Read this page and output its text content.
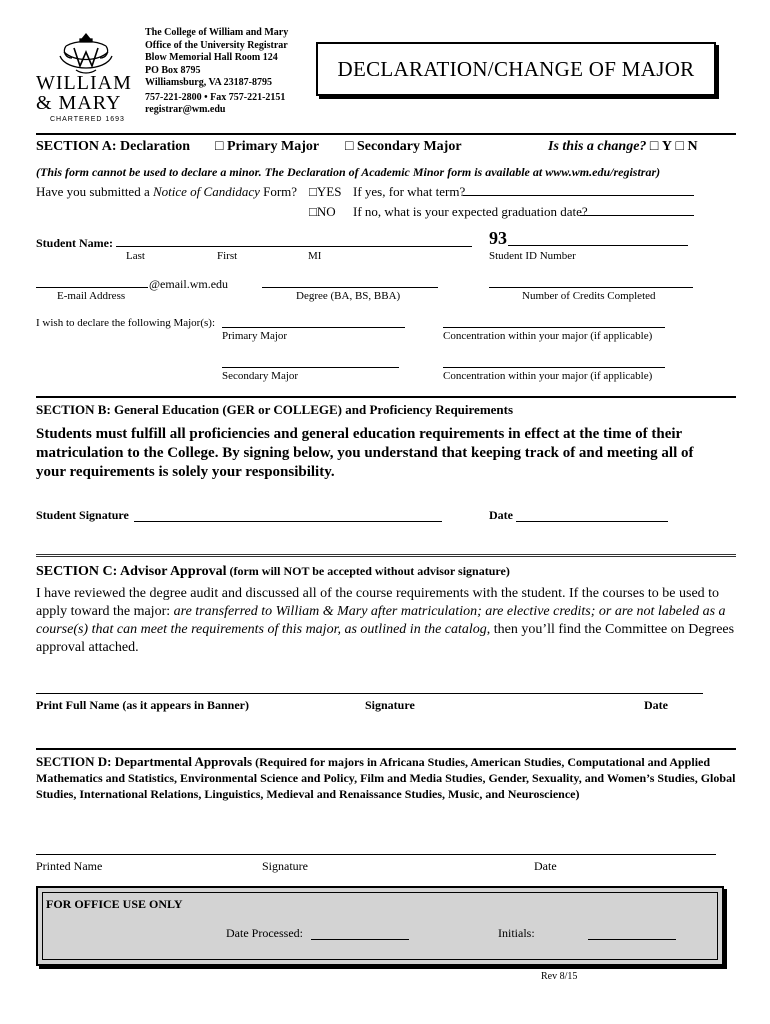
WILLIAM
& MARY
CHARTERED 1693
The College of William and Mary
Office of the University Registrar
Blow Memorial Hall Room 124
PO Box 8795
Williamsburg, VA 23187-8795
757-221-2800 • Fax 757-221-2151
registrar@wm.edu
DECLARATION/CHANGE OF MAJOR
SECTION A: Declaration □ Primary Major □ Secondary Major	Is this a change? □ Y □ N
(This form cannot be used to declare a minor. The Declaration of Academic Minor form is available at www.wm.edu/registrar)
Have you submitted a Notice of Candidacy Form? □YES If yes, for what term?
□NO If no, what is your expected graduation date?
Student Name:
Last	First	MI
93
Student ID Number
@email.wm.edu
E-mail Address	Degree (BA, BS, BBA)	Number of Credits Completed
I wish to declare the following Major(s):
Primary Major	Concentration within your major (if applicable)
Secondary Major	Concentration within your major (if applicable)
SECTION B: General Education (GER or COLLEGE) and Proficiency Requirements
Students must fulfill all proficiencies and general education requirements in effect at the time of their matriculation to the College. By signing below, you understand that keeping track of and meeting all of your requirements is solely your responsibility.
Student Signature	Date
SECTION C: Advisor Approval (form will NOT be accepted without advisor signature)
I have reviewed the degree audit and discussed all of the course requirements with the student. If the courses to be used to apply toward the major: are transferred to William & Mary after matriculation; are elective credits; or are not labeled as a course(s) that can meet the requirements of this major, as outlined in the catalog, then you’ll find the Committee on Degrees approval attached.
Print Full Name (as it appears in Banner)	Signature	Date
SECTION D: Departmental Approvals (Required for majors in Africana Studies, American Studies, Computational and Applied Mathematics and Statistics, Environmental Science and Policy, Film and Media Studies, Gender, Sexuality, and Women’s Studies, Global Studies, International Relations, Linguistics, Medieval and Renaissance Studies, Music, and Neuroscience)
Printed Name	Signature	Date
FOR OFFICE USE ONLY
Date Processed:	Initials:
Rev 8/15
